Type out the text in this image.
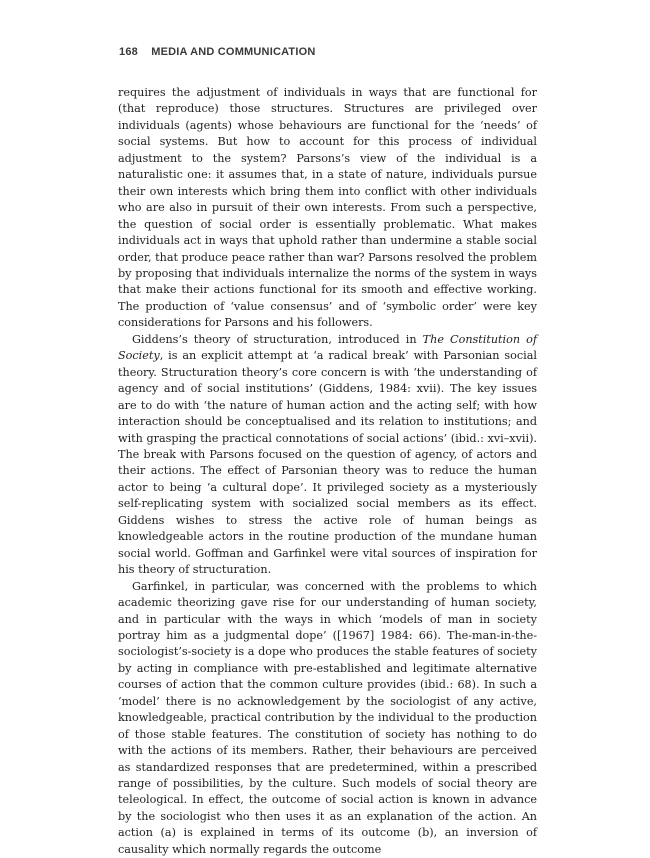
168 MEDIA AND COMMUNICATION

requires the adjustment of individuals in ways that are functional for (that reproduce) those structures. Structures are privileged over individuals (agents) whose behaviours are functional for the ‘needs’ of social systems. But how to account for this process of individual adjustment to the system? Parsons’s view of the individual is a naturalistic one: it assumes that, in a state of nature, individuals pursue their own interests which bring them into conflict with other individuals who are also in pursuit of their own interests. From such a perspective, the question of social order is essentially problematic. What makes individuals act in ways that uphold rather than undermine a stable social order, that produce peace rather than war? Parsons resolved the problem by proposing that individuals internalize the norms of the system in ways that make their actions functional for its smooth and effective working. The production of ‘value consensus’ and of ‘symbolic order’ were key considerations for Parsons and his followers.

Giddens’s theory of structuration, introduced in The Constitution of Society, is an explicit attempt at ‘a radical break’ with Parsonian social theory. Structuration theory’s core concern is with ‘the understanding of agency and of social institutions’ (Giddens, 1984: xvii). The key issues are to do with ‘the nature of human action and the acting self; with how interaction should be conceptualised and its relation to institutions; and with grasping the practical connotations of social actions’ (ibid.: xvi–xvii). The break with Parsons focused on the question of agency, of actors and their actions. The effect of Parsonian theory was to reduce the human actor to being ‘a cultural dope’. It privileged society as a mysteriously self-replicating system with socialized social members as its effect. Giddens wishes to stress the active role of human beings as knowledgeable actors in the routine production of the mundane human social world. Goffman and Garfinkel were vital sources of inspiration for his theory of structuration.

Garfinkel, in particular, was concerned with the problems to which academic theorizing gave rise for our understanding of human society, and in particular with the ways in which ‘models of man in society portray him as a judgmental dope’ ([1967] 1984: 66). The-man-in-the-sociologist’s-society is a dope who produces the stable features of society by acting in compliance with pre-established and legitimate alternative courses of action that the common culture provides (ibid.: 68). In such a ‘model’ there is no acknowledgement by the sociologist of any active, knowledgeable, practical contribution by the individual to the production of those stable features. The constitution of society has nothing to do with the actions of its members. Rather, their behaviours are perceived as standardized responses that are predetermined, within a prescribed range of possibilities, by the culture. Such models of social theory are teleological. In effect, the outcome of social action is known in advance by the sociologist who then uses it as an explanation of the action. An action (a) is explained in terms of its outcome (b), an inversion of causality which normally regards the outcome
